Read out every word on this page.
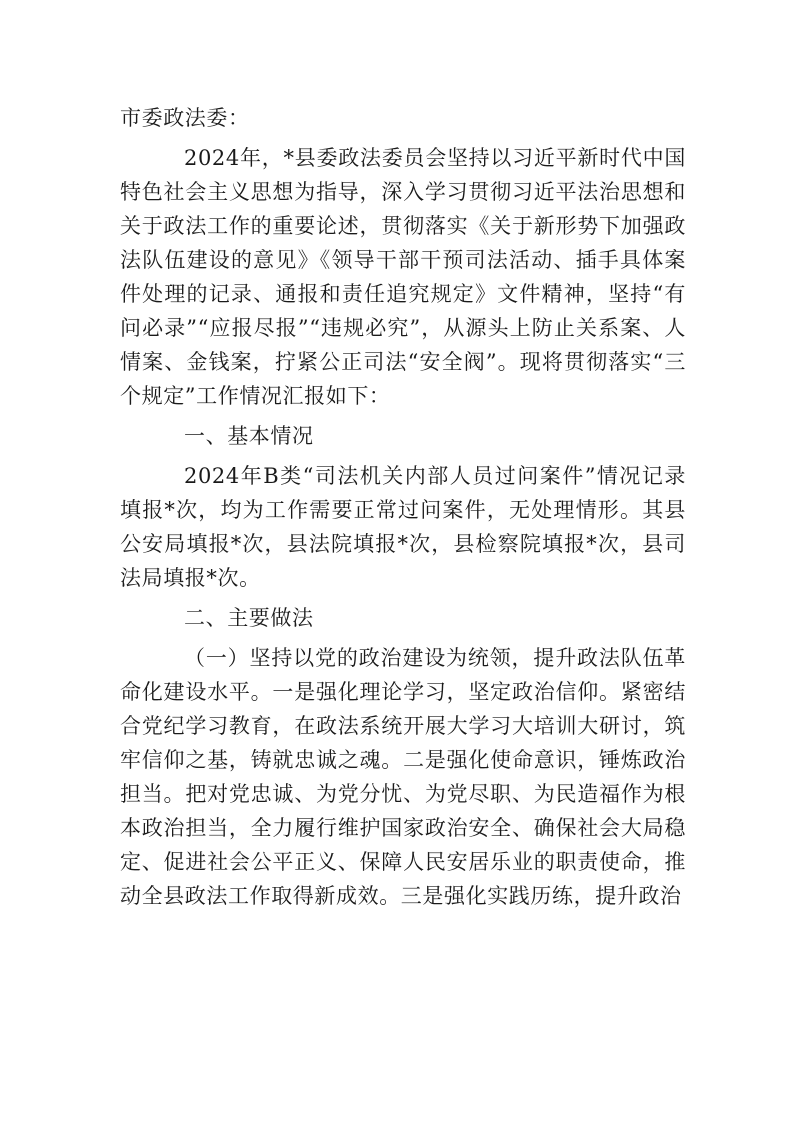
市委政法委：

2024年，*县委政法委员会坚持以习近平新时代中国特色社会主义思想为指导，深入学习贯彻习近平法治思想和关于政法工作的重要论述，贯彻落实《关于新形势下加强政法队伍建设的意见》《领导干部干预司法活动、插手具体案件处理的记录、通报和责任追究规定》文件精神，坚持“有问必录”“应报尽报”“违规必究”，从源头上防止关系案、人情案、金钱案，拧紧公正司法“安全阀”。现将贯彻落实“三个规定”工作情况汇报如下：

一、基本情况

2024年B类“司法机关内部人员过问案件”情况记录填报*次，均为工作需要正常过问案件，无处理情形。其县公安局填报*次，县法院填报*次，县检察院填报*次，县司法局填报*次。

二、主要做法

（一）坚持以党的政治建设为统领，提升政法队伍革命化建设水平。一是强化理论学习，坚定政治信仰。紧密结合党纪学习教育，在政法系统开展大学习大培训大研讨，筑牢信仰之基，铸就忠诚之魂。二是强化使命意识，锤炼政治担当。把对党忠诚、为党分忧、为党尽职、为民造福作为根本政治担当，全力履行维护国家政治安全、确保社会大局稳定、促进社会公平正义、保障人民安居乐业的职责使命，推动全县政法工作取得新成效。三是强化实践历练，提升政治
